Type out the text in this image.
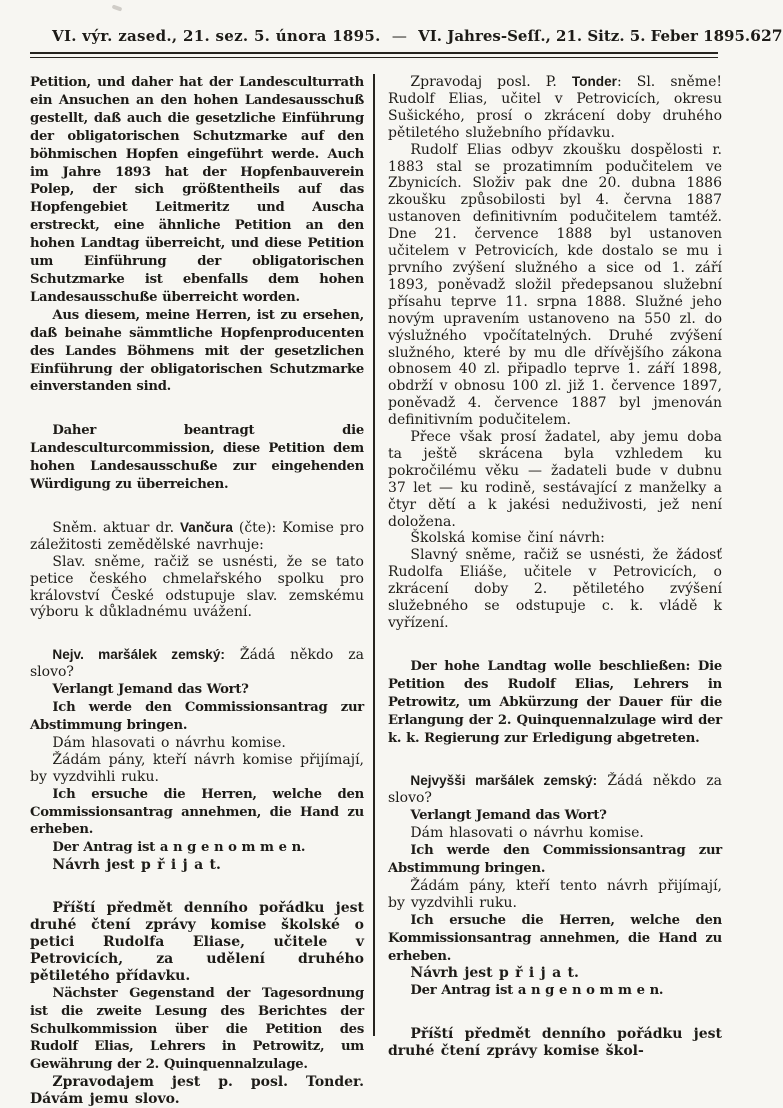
VI. výr. zased., 21. sez. 5. února 1895. — VI. Jahres-Seſſ., 21. Sitz. 5. Feber 1895. 627

Petition, und daher hat der Landesculturrath ein Ansuchen an den hohen Landesausschuß gestellt, daß auch die gesetzliche Einführung der obligatorischen Schutzmarke auf den böhmischen Hopfen eingeführt werde. Auch im Jahre 1893 hat der Hopfenbauverein Polep, der sich größtentheils auf das Hopfengebiet Leitmeritz und Auscha erstreckt, eine ähnliche Petition an den hohen Landtag überreicht, und diese Petition um Einführung der obligatorischen Schutzmarke ist ebenfalls dem hohen Landesausschuße überreicht worden.

Aus diesem, meine Herren, ist zu ersehen, daß beinahe sämmtliche Hopfenproducenten des Landes Böhmens mit der gesetzlichen Einführung der obligatorischen Schutzmarke einverstanden sind.

Daher beantragt die Landesculturcommission, diese Petition dem hohen Landesausschuße zur eingehenden Würdigung zu überreichen.

Sněm. aktuar dr. Vančura (čte): Komise pro záležitosti zemědělské navrhuje:

Slav. sněme, račiž se usnésti, že se tato petice českého chmelařského spolku pro království České odstupuje slav. zemskému výboru k důkladnému uvážení.

Nejv. maršálek zemský: Žádá někdo za slovo?

Verlangt Jemand das Wort?

Ich werde den Commissionsantrag zur Abstimmung bringen.

Dám hlasovati o návrhu komise.

Žádám pány, kteří návrh komise přijímají, by vyzdvihli ruku.

Ich ersuche die Herren, welche den Commissionsantrag annehmen, die Hand zu erheben.

Der Antrag ist a n g e n o m m e n.

Návrh jest p ř i j a t.

Příští předmět denního pořádku jest druhé čtení zprávy komise školské o petici Rudolfa Eliase, učitele v Petrovicích, za udělení druhého pětiletého přídavku.

Nächster Gegenstand der Tagesordnung ist die zweite Lesung des Berichtes der Schulkommission über die Petition des Rudolf Elias, Lehrers in Petrowitz, um Gewährung der 2. Quinquennalzulage.

Zpravodajem jest p. posl. Tonder. Dávám jemu slovo.

Zpravodaj posl. P. Tonder: Sl. sněme! Rudolf Elias, učitel v Petrovicích, okresu Sušického, prosí o zkrácení doby druhého pětiletého služebního přídavku.

Rudolf Elias odbyv zkoušku dospělosti r. 1883 stal se prozatimním podučitelem ve Zbynicích. Složiv pak dne 20. dubna 1886 zkoušku způsobilosti byl 4. června 1887 ustanoven definitivním podučitelem tamtéž. Dne 21. července 1888 byl ustanoven učitelem v Petrovicích, kde dostalo se mu i prvního zvýšení služného a sice od 1. září 1893, poněvadž složil předepsanou služební přísahu teprve 11. srpna 1888. Služné jeho novým upravením ustanoveno na 550 zl. do výslužného vpočítatelných. Druhé zvýšení služného, které by mu dle dřívějšího zákona obnosem 40 zl. připadlo teprve 1. září 1898, obdrží v obnosu 100 zl. již 1. července 1897, poněvadž 4. července 1887 byl jmenován definitivním podučitelem.

Přece však prosí žadatel, aby jemu doba ta ještě skrácena byla vzhledem ku pokročilému věku — žadateli bude v dubnu 37 let — ku rodině, sestávající z manželky a čtyr dětí a k jakési neduživosti, jež není doložena.

Školská komise činí návrh:

Slavný sněme, račiž se usnésti, že žádosť Rudolfa Eliáše, učitele v Petrovicích, o zkrácení doby 2. pětiletého zvýšení služebného se odstupuje c. k. vládě k vyřízení.

Der hohe Landtag wolle beschließen: Die Petition des Rudolf Elias, Lehrers in Petrowitz, um Abkürzung der Dauer für die Erlangung der 2. Quinquennalzulage wird der k. k. Regierung zur Erledigung abgetreten.

Nejvyšši maršálek zemský: Žádá někdo za slovo?

Verlangt Jemand das Wort?

Dám hlasovati o návrhu komise.

Ich werde den Commissionsantrag zur Abstimmung bringen.

Žádám pány, kteří tento návrh přijímají, by vyzdvihli ruku.

Ich ersuche die Herren, welche den Kommissionsantrag annehmen, die Hand zu erheben.

Návrh jest p ř i j a t.

Der Antrag ist a n g e n o m m e n.

Příští předmět denního pořádku jest druhé čtení zprávy komise škol-
